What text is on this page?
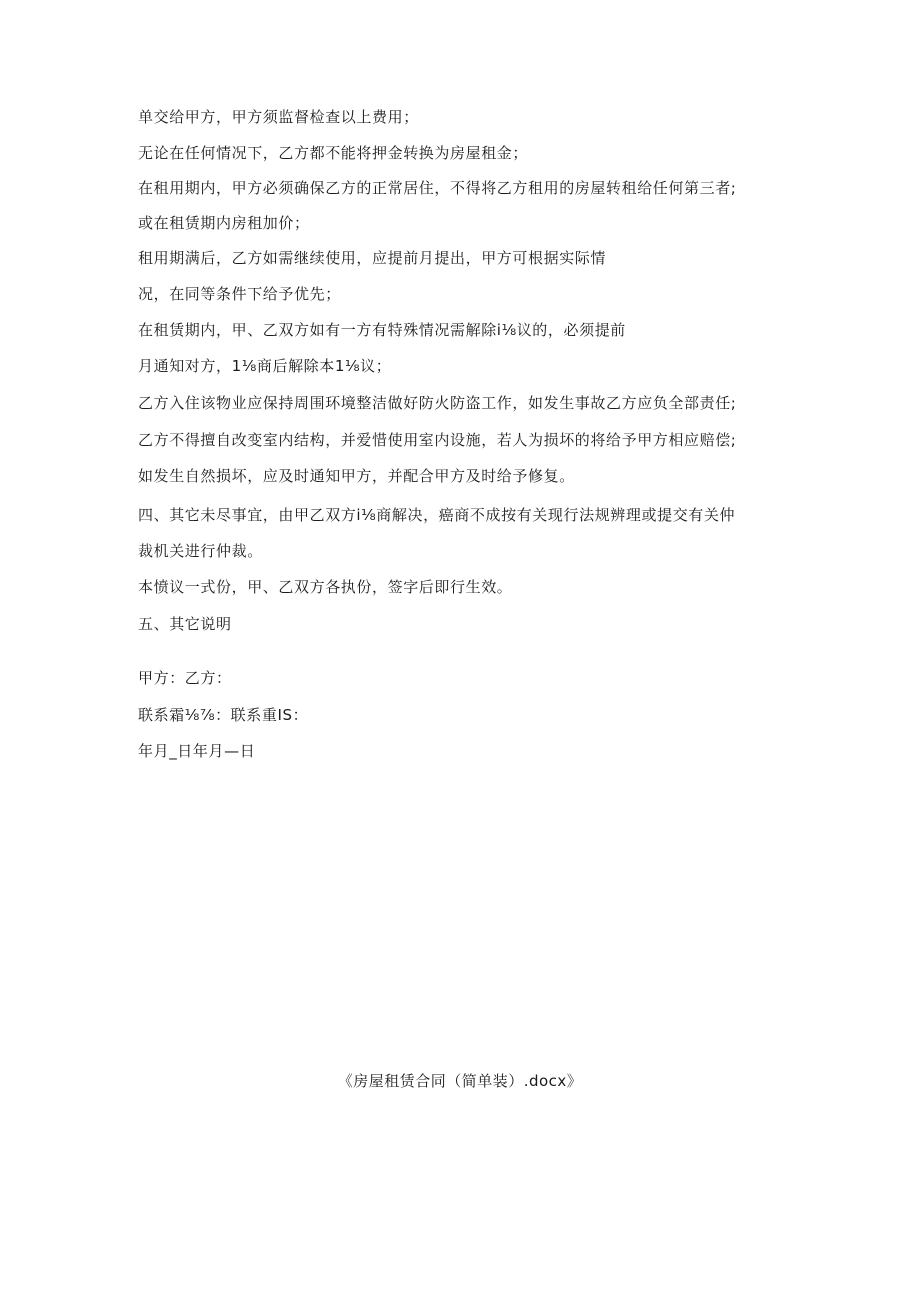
单交给甲方，甲方须监督检查以上费用；
无论在任何情况下，乙方都不能将押金转换为房屋租金；
在租用期内，甲方必须确保乙方的正常居住，不得将乙方租用的房屋转租给任何第三者;
或在租赁期内房租加价；
租用期满后，乙方如需继续使用，应提前月提出，甲方可根据实际情
况，在同等条件下给予优先；
在租赁期内，甲、乙双方如有一方有特殊情况需解除i⅛议的，必须提前
月通知对方，1⅛商后解除本1⅛议；
乙方入住该物业应保持周围环境整洁做好防火防盗工作，如发生事故乙方应负全部责任;
乙方不得擅自改变室内结构，并爱惜使用室内设施，若人为损坏的将给予甲方相应赔偿;
如发生自然损坏，应及时通知甲方，并配合甲方及时给予修复。
四、其它未尽事宜，由甲乙双方i⅛商解决，癌商不成按有关现行法规辨理或提交有关仲
裁机关进行仲裁。
本愤议一式份，甲、乙双方各执份，签字后即行生效。
五、其它说明
甲方：乙方：
联系霜⅛⅞：联系重IS：
年月_日年月—日
《房屋租赁合同（简单装）.docx》
